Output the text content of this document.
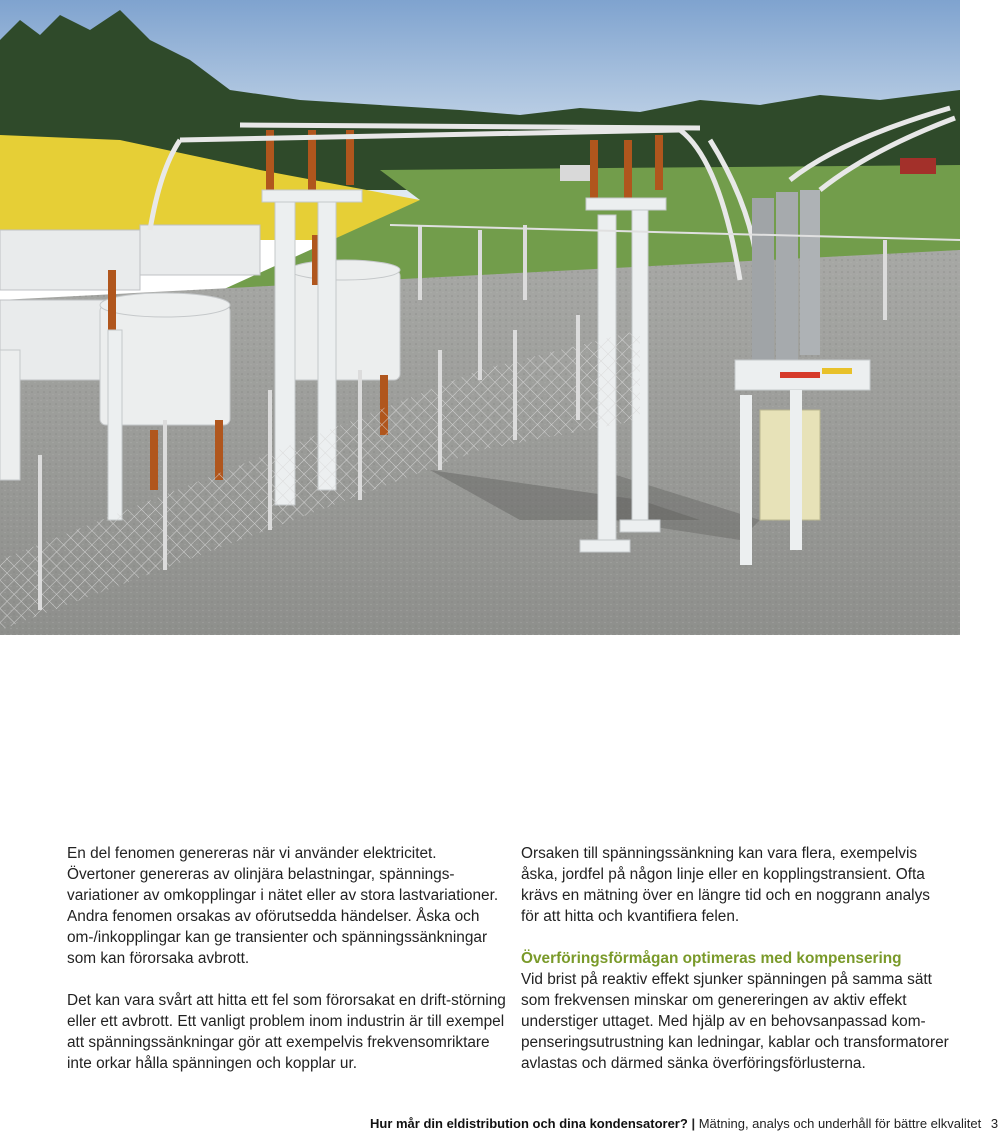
En del fenomen genereras när vi använder elektricitet. Övertoner genereras av olinjära belastningar, spännings-variationer av omkopplingar i nätet eller av stora lastvariationer. Andra fenomen orsakas av oförutsedda händelser. Åska och om-/inkopplingar kan ge transienter och spänningssänkningar som kan förorsaka avbrott.

Det kan vara svårt att hitta ett fel som förorsakat en drift-störning eller ett avbrott. Ett vanligt problem inom industrin är till exempel att spänningssänkningar gör att exempelvis frekvensomriktare inte orkar hålla spänningen och kopplar ur.

Orsaken till spänningssänkning kan vara flera, exempelvis åska, jordfel på någon linje eller en kopplingstransient. Ofta krävs en mätning över en längre tid och en noggrann analys för att hitta och kvantifiera felen.

Överföringsförmågan optimeras med kompensering

Vid brist på reaktiv effekt sjunker spänningen på samma sätt som frekvensen minskar om genereringen av aktiv effekt understiger uttaget. Med hjälp av en behovsanpassad kom-penseringsutrustning kan ledningar, kablar och transformatorer avlastas och därmed sänka överföringsförlusterna.

Hur mår din eldistribution och dina kondensatorer? | Mätning, analys och underhåll för bättre elkvalitet 3
